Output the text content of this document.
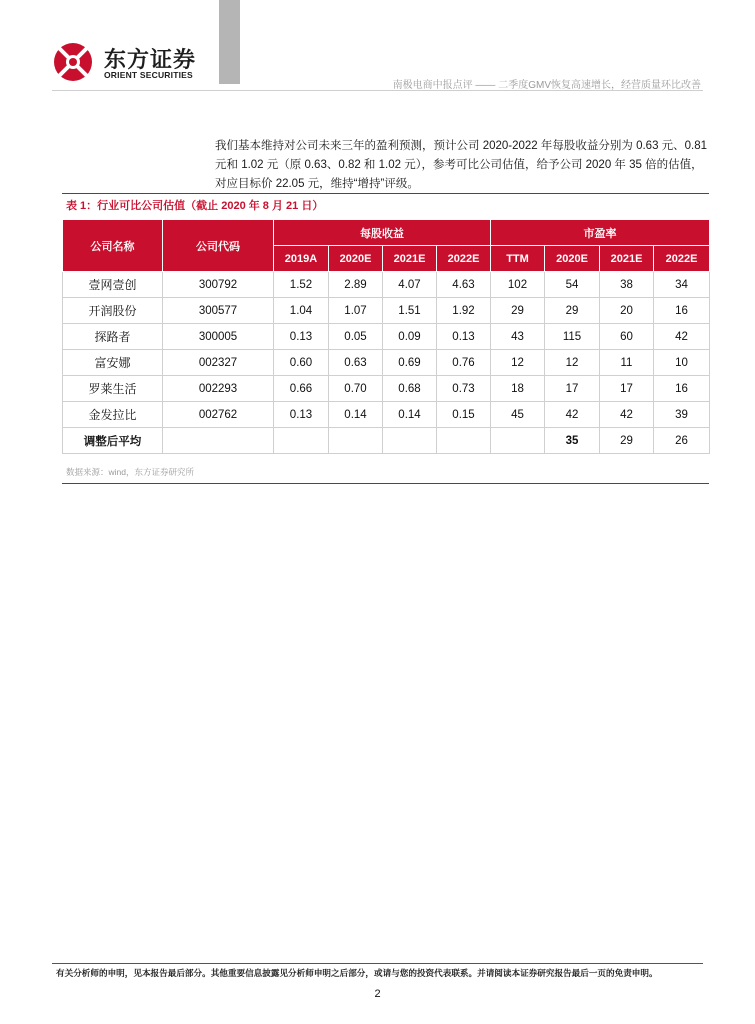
东方证券
ORIENT SECURITIES
南极电商中报点评 —— 二季度GMV恢复高速增长，经营质量环比改善

我们基本维持对公司未来三年的盈利预测，预计公司 2020-2022 年每股收益分别为 0.63 元、0.81

元和 1.02 元（原 0.63、0.82 和 1.02 元），参考可比公司估值，给予公司 2020 年 35 倍的估值，

对应目标价 22.05 元，维持“增持”评级。

表 1：行业可比公司估值（截止 2020 年 8 月 21 日）
公司名称	公司代码	每股收益				市盈率			
		2019A	2020E	2021E	2022E	TTM	2020E	2021E	2022E
壹网壹创	300792	1.52	2.89	4.07	4.63	102	54	38	34
开润股份	300577	1.04	1.07	1.51	1.92	29	29	20	16
探路者	300005	0.13	0.05	0.09	0.13	43	115	60	42
富安娜	002327	0.60	0.63	0.69	0.76	12	12	11	10
罗莱生活	002293	0.66	0.70	0.68	0.73	18	17	17	16
金发拉比	002762	0.13	0.14	0.14	0.15	45	42	42	39
调整后平均							35	29	26
数据来源：wind，东方证券研究所
有关分析师的申明，见本报告最后部分。其他重要信息披露见分析师申明之后部分，或请与您的投资代表联系。并请阅读本证券研究报告最后一页的免责申明。
2
